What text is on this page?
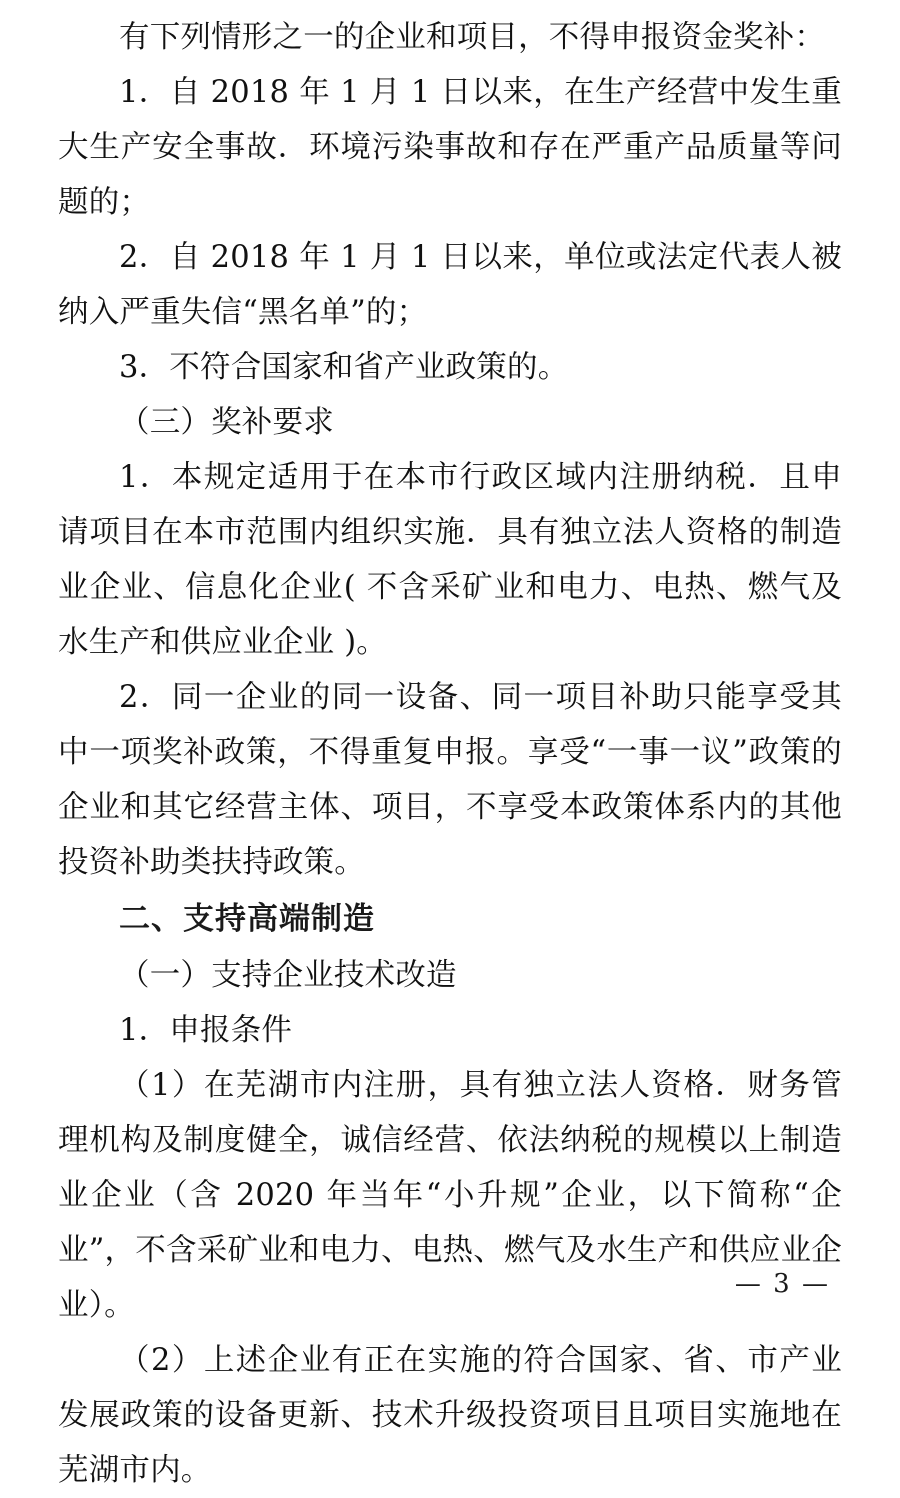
有下列情形之一的企业和项目，不得申报资金奖补：

1．自 2018 年 1 月 1 日以来，在生产经营中发生重大生产安全事故．环境污染事故和存在严重产品质量等问题的；

2．自 2018 年 1 月 1 日以来，单位或法定代表人被纳入严重失信“黑名单”的；

3．不符合国家和省产业政策的。

（三）奖补要求

1．本规定适用于在本市行政区域内注册纳税．且申请项目在本市范围内组织实施．具有独立法人资格的制造业企业、信息化企业( 不含采矿业和电力、电热、燃气及水生产和供应业企业 )。

2．同一企业的同一设备、同一项目补助只能享受其中一项奖补政策，不得重复申报。享受“一事一议”政策的企业和其它经营主体、项目，不享受本政策体系内的其他投资补助类扶持政策。

二、支持高端制造

（一）支持企业技术改造

1．申报条件

（1）在芜湖市内注册，具有独立法人资格．财务管理机构及制度健全，诚信经营、依法纳税的规模以上制造业企业（含 2020 年当年“小升规”企业，以下简称“企业”，不含采矿业和电力、电热、燃气及水生产和供应业企业）。

（2）上述企业有正在实施的符合国家、省、市产业发展政策的设备更新、技术升级投资项目且项目实施地在芜湖市内。

— 3 —
